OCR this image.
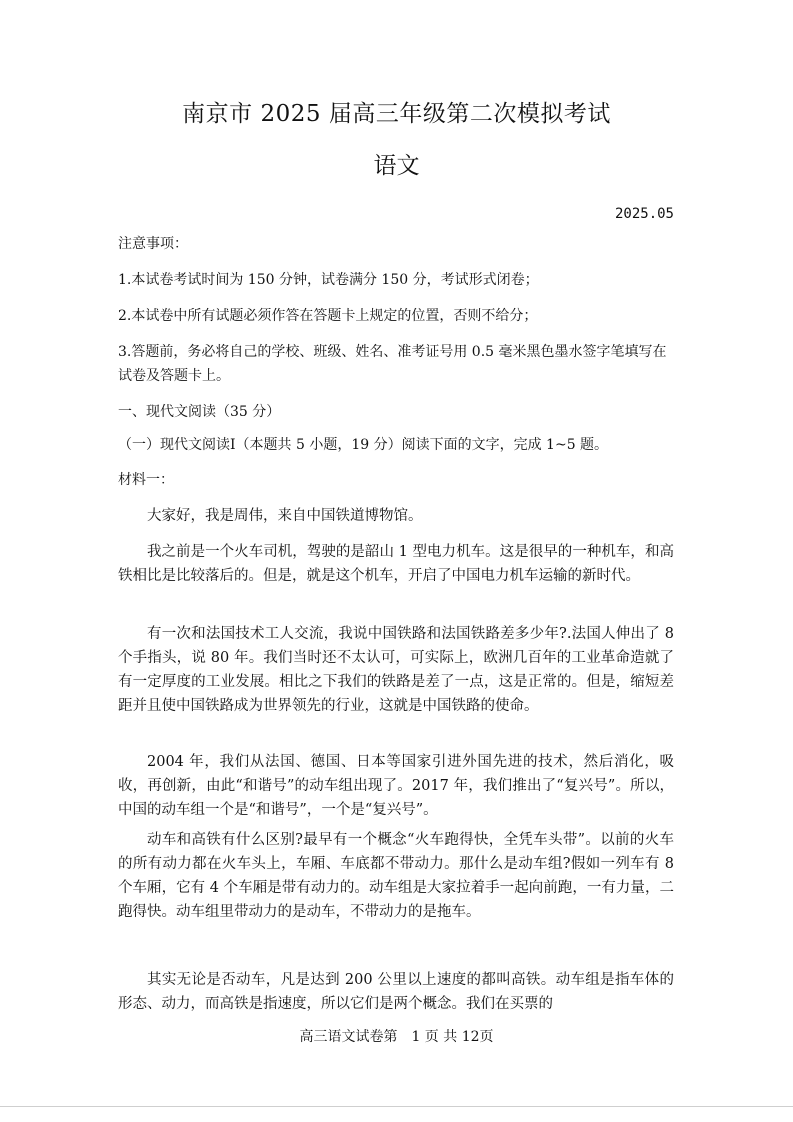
南京市 2025 届高三年级第二次模拟考试
语文
2025.05

注意事项：

1.本试卷考试时间为 150 分钟，试卷满分 150 分，考试形式闭卷；

2.本试卷中所有试题必须作答在答题卡上规定的位置，否则不给分；

3.答题前，务必将自己的学校、班级、姓名、准考证号用 0.5 毫米黑色墨水签字笔填写在试卷及答题卡上。

一、现代文阅读（35 分）

（一）现代文阅读Ⅰ（本题共 5 小题，19 分）阅读下面的文字，完成 1~5 题。

材料一：

大家好，我是周伟，来自中国铁道博物馆。

我之前是一个火车司机，驾驶的是韶山 1 型电力机车。这是很早的一种机车，和高铁相比是比较落后的。但是，就是这个机车，开启了中国电力机车运输的新时代。

有一次和法国技术工人交流，我说中国铁路和法国铁路差多少年?.法国人伸出了 8 个手指头，说 80 年。我们当时还不太认可，可实际上，欧洲几百年的工业革命造就了有一定厚度的工业发展。相比之下我们的铁路是差了一点，这是正常的。但是，缩短差距并且使中国铁路成为世界领先的行业，这就是中国铁路的使命。

2004 年，我们从法国、德国、日本等国家引进外国先进的技术，然后消化，吸收，再创新，由此“和谐号”的动车组出现了。2017 年，我们推出了“复兴号”。所以，中国的动车组一个是“和谐号”，一个是“复兴号”。

动车和高铁有什么区别?最早有一个概念“火车跑得快，全凭车头带”。以前的火车的所有动力都在火车头上，车厢、车底都不带动力。那什么是动车组?假如一列车有 8 个车厢，它有 4 个车厢是带有动力的。动车组是大家拉着手一起向前跑，一有力量，二跑得快。动车组里带动力的是动车，不带动力的是拖车。

其实无论是否动车，凡是达到 200 公里以上速度的都叫高铁。动车组是指车体的形态、动力，而高铁是指速度，所以它们是两个概念。我们在买票的

高三语文试卷第　1 页 共 12页
